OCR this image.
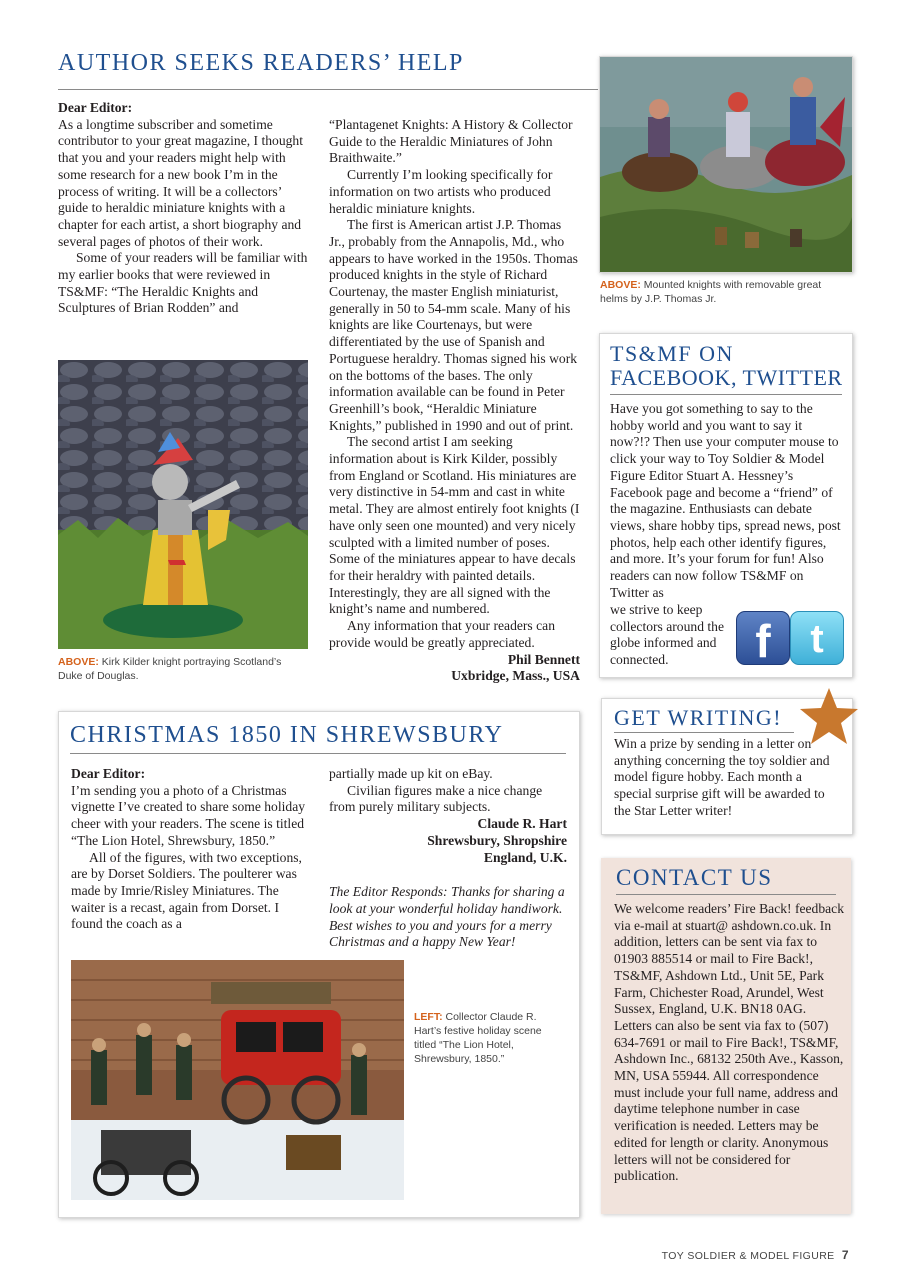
AUTHOR SEEKS READERS’ HELP

Dear Editor:

As a longtime subscriber and sometime contributor to your great magazine, I thought that you and your readers might help with some research for a new book I’m in the process of writing. It will be a collectors’ guide to heraldic miniature knights with a chapter for each artist, a short biography and several pages of photos of their work.

Some of your readers will be familiar with my earlier books that were reviewed in TS&MF: “The Heraldic Knights and Sculptures of Brian Rodden” and

ABOVE: Kirk Kilder knight portraying Scotland’s Duke of Douglas.

“Plantagenet Knights: A History & Collector Guide to the Heraldic Miniatures of John Braithwaite.”

Currently I’m looking specifically for information on two artists who produced heraldic miniature knights.

The first is American artist J.P. Thomas Jr., probably from the Annapolis, Md., who appears to have worked in the 1950s. Thomas produced knights in the style of Richard Courtenay, the master English miniaturist, generally in 50 to 54-mm scale. Many of his knights are like Courtenays, but were differentiated by the use of Spanish and Portuguese heraldry. Thomas signed his work on the bottoms of the bases. The only information available can be found in Peter Greenhill’s book, “Heraldic Miniature Knights,” published in 1990 and out of print.

The second artist I am seeking information about is Kirk Kilder, possibly from England or Scotland. His miniatures are very distinctive in 54-mm and cast in white metal. They are almost entirely foot knights (I have only seen one mounted) and very nicely sculpted with a limited number of poses. Some of the miniatures appear to have decals for their heraldry with painted details. Interestingly, they are all signed with the knight’s name and numbered.

Any information that your readers can provide would be greatly appreciated.

Phil Bennett

Uxbridge, Mass., USA

ABOVE: Mounted knights with removable great helms by J.P. Thomas Jr.
TS&MF ON
FACEBOOK, TWITTER

Have you got something to say to the hobby world and you want to say it now?!? Then use your computer mouse to click your way to Toy Soldier & Model Figure Editor Stuart A. Hessney’s Facebook page and become a “friend” of the magazine. Enthusiasts can debate views, share hobby tips, spread news, post photos, help each other identify figures, and more. It’s your forum for fun! Also readers can now follow TS&MF on Twitter as

we strive to keep collectors around the globe informed and connected.	f t
CHRISTMAS 1850 IN SHREWSBURY

Dear Editor:

I’m sending you a photo of a Christmas vignette I’ve created to share some holiday cheer with your readers. The scene is titled “The Lion Hotel, Shrewsbury, 1850.”

All of the figures, with two exceptions, are by Dorset Soldiers. The poulterer was made by Imrie/Risley Miniatures. The waiter is a recast, again from Dorset. I found the coach as a

partially made up kit on eBay.

Civilian figures make a nice change from purely military subjects.

Claude R. Hart

Shrewsbury, Shropshire

England, U.K.

The Editor Responds: Thanks for sharing a look at your wonderful holiday handiwork. Best wishes to you and yours for a merry Christmas and a happy New Year!

LEFT: Collector Claude R. Hart’s festive holiday scene titled “The Lion Hotel, Shrewsbury, 1850.”
GET WRITING!

Win a prize by sending in a letter on anything concerning the toy soldier and model figure hobby. Each month a special surprise gift will be awarded to the Star Letter writer!

CONTACT US

We welcome readers’ Fire Back! feedback via e-mail at stuart@ ashdown.co.uk. In addition, letters can be sent via fax to 01903 885514 or mail to Fire Back!, TS&MF, Ashdown Ltd., Unit 5E, Park Farm, Chichester Road, Arundel, West Sussex, England, U.K. BN18 0AG. Letters can also be sent via fax to (507) 634-7691 or mail to Fire Back!, TS&MF, Ashdown Inc., 68132 250th Ave., Kasson, MN, USA 55944. All correspondence must include your full name, address and daytime telephone number in case verification is needed. Letters may be edited for length or clarity. Anonymous letters will not be considered for publication.

TOY SOLDIER & MODEL FIGURE 7
